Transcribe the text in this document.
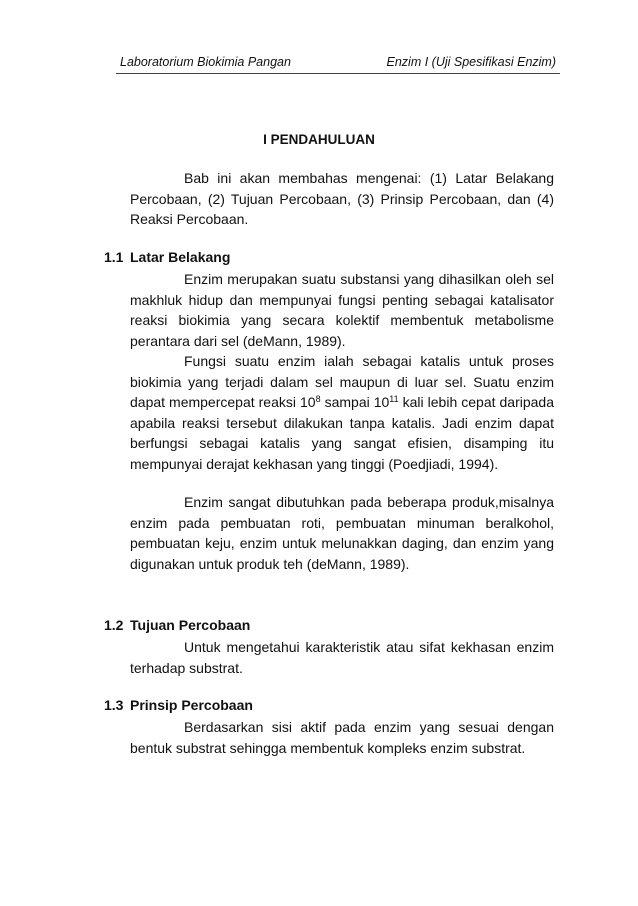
Laboratorium Biokimia Pangan	Enzim I (Uji Spesifikasi Enzim)
I PENDAHULUAN
Bab ini akan membahas mengenai: (1) Latar Belakang Percobaan, (2) Tujuan Percobaan, (3) Prinsip Percobaan, dan (4) Reaksi Percobaan.
1.1 Latar Belakang
Enzim merupakan suatu substansi yang dihasilkan oleh sel makhluk hidup dan mempunyai fungsi penting sebagai katalisator reaksi biokimia yang secara kolektif membentuk metabolisme perantara dari sel (deMann, 1989).
Fungsi suatu enzim ialah sebagai katalis untuk proses biokimia yang terjadi dalam sel maupun di luar sel. Suatu enzim dapat mempercepat reaksi $10^8$ sampai $10^{11}$ kali lebih cepat daripada apabila reaksi tersebut dilakukan tanpa katalis. Jadi enzim dapat berfungsi sebagai katalis yang sangat efisien, disamping itu mempunyai derajat kekhasan yang tinggi (Poedjiadi, 1994).
Enzim sangat dibutuhkan pada beberapa produk,misalnya enzim pada pembuatan roti, pembuatan minuman beralkohol, pembuatan keju, enzim untuk melunakkan daging, dan enzim yang digunakan untuk produk teh (deMann, 1989).
1.2 Tujuan Percobaan
Untuk mengetahui karakteristik atau sifat kekhasan enzim terhadap substrat.
1.3 Prinsip Percobaan
Berdasarkan sisi aktif pada enzim yang sesuai dengan bentuk substrat sehingga membentuk kompleks enzim substrat.
